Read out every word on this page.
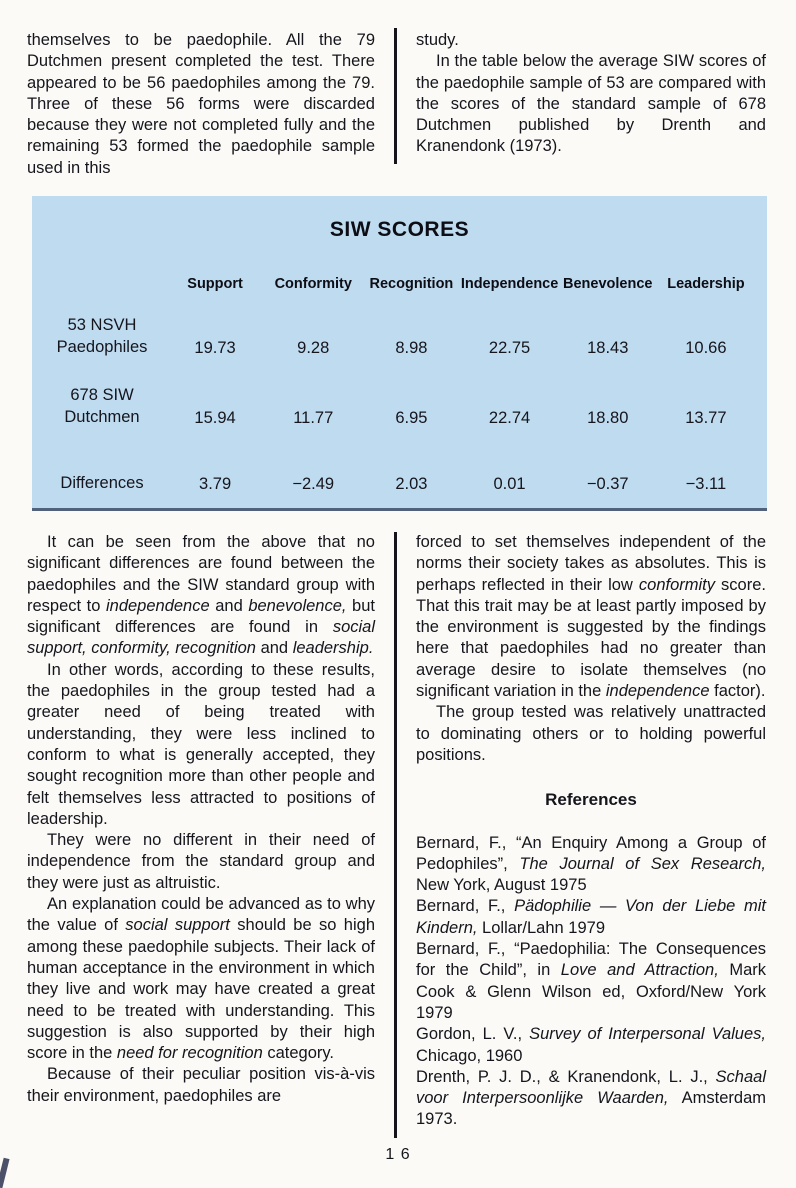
themselves to be paedophile. All the 79 Dutchmen present completed the test. There appeared to be 56 paedophiles among the 79. Three of these 56 forms were discarded because they were not completed fully and the remaining 53 formed the paedophile sample used in this

study.

In the table below the average SIW scores of the paedophile sample of 53 are compared with the scores of the standard sample of 678 Dutchmen published by Drenth and Kranendonk (1973).

SIW SCORES
Support	Conformity	Recognition Independence Benevolence	Leadership
53 NSVH
Paedophiles	19.73	9.28	8.98	22.75	18.43	10.66
678 SIW
Dutchmen	15.94	11.77	6.95	22.74	18.80	13.77
Differences	3.79	−2.49	2.03	0.01	−0.37	−3.11

It can be seen from the above that no significant differences are found between the paedophiles and the SIW standard group with respect to independence and benevolence, but significant differences are found in social support, conformity, recognition and leadership.

In other words, according to these results, the paedophiles in the group tested had a greater need of being treated with understanding, they were less inclined to conform to what is generally accepted, they sought recognition more than other people and felt themselves less attracted to positions of leadership.

They were no different in their need of independence from the standard group and they were just as altruistic.

An explanation could be advanced as to why the value of social support should be so high among these paedophile subjects. Their lack of human acceptance in the environment in which they live and work may have created a great need to be treated with understanding. This suggestion is also supported by their high score in the need for recognition category.

Because of their peculiar position vis-à-vis their environment, paedophiles are

forced to set themselves independent of the norms their society takes as absolutes. This is perhaps reflected in their low conformity score. That this trait may be at least partly imposed by the environment is suggested by the findings here that paedophiles had no greater than average desire to isolate themselves (no significant variation in the independence factor).

The group tested was relatively unattracted to dominating others or to holding powerful positions.

References

Bernard, F., “An Enquiry Among a Group of Pedophiles”, The Journal of Sex Research, New York, August 1975

Bernard, F., Pädophilie — Von der Liebe mit Kindern, Lollar/Lahn 1979

Bernard, F., “Paedophilia: The Consequences for the Child”, in Love and Attraction, Mark Cook & Glenn Wilson ed, Oxford/New York 1979

Gordon, L. V., Survey of Interpersonal Values, Chicago, 1960

Drenth, P. J. D., & Kranendonk, L. J., Schaal voor Interpersoonlijke Waarden, Amsterdam 1973.

1 6
